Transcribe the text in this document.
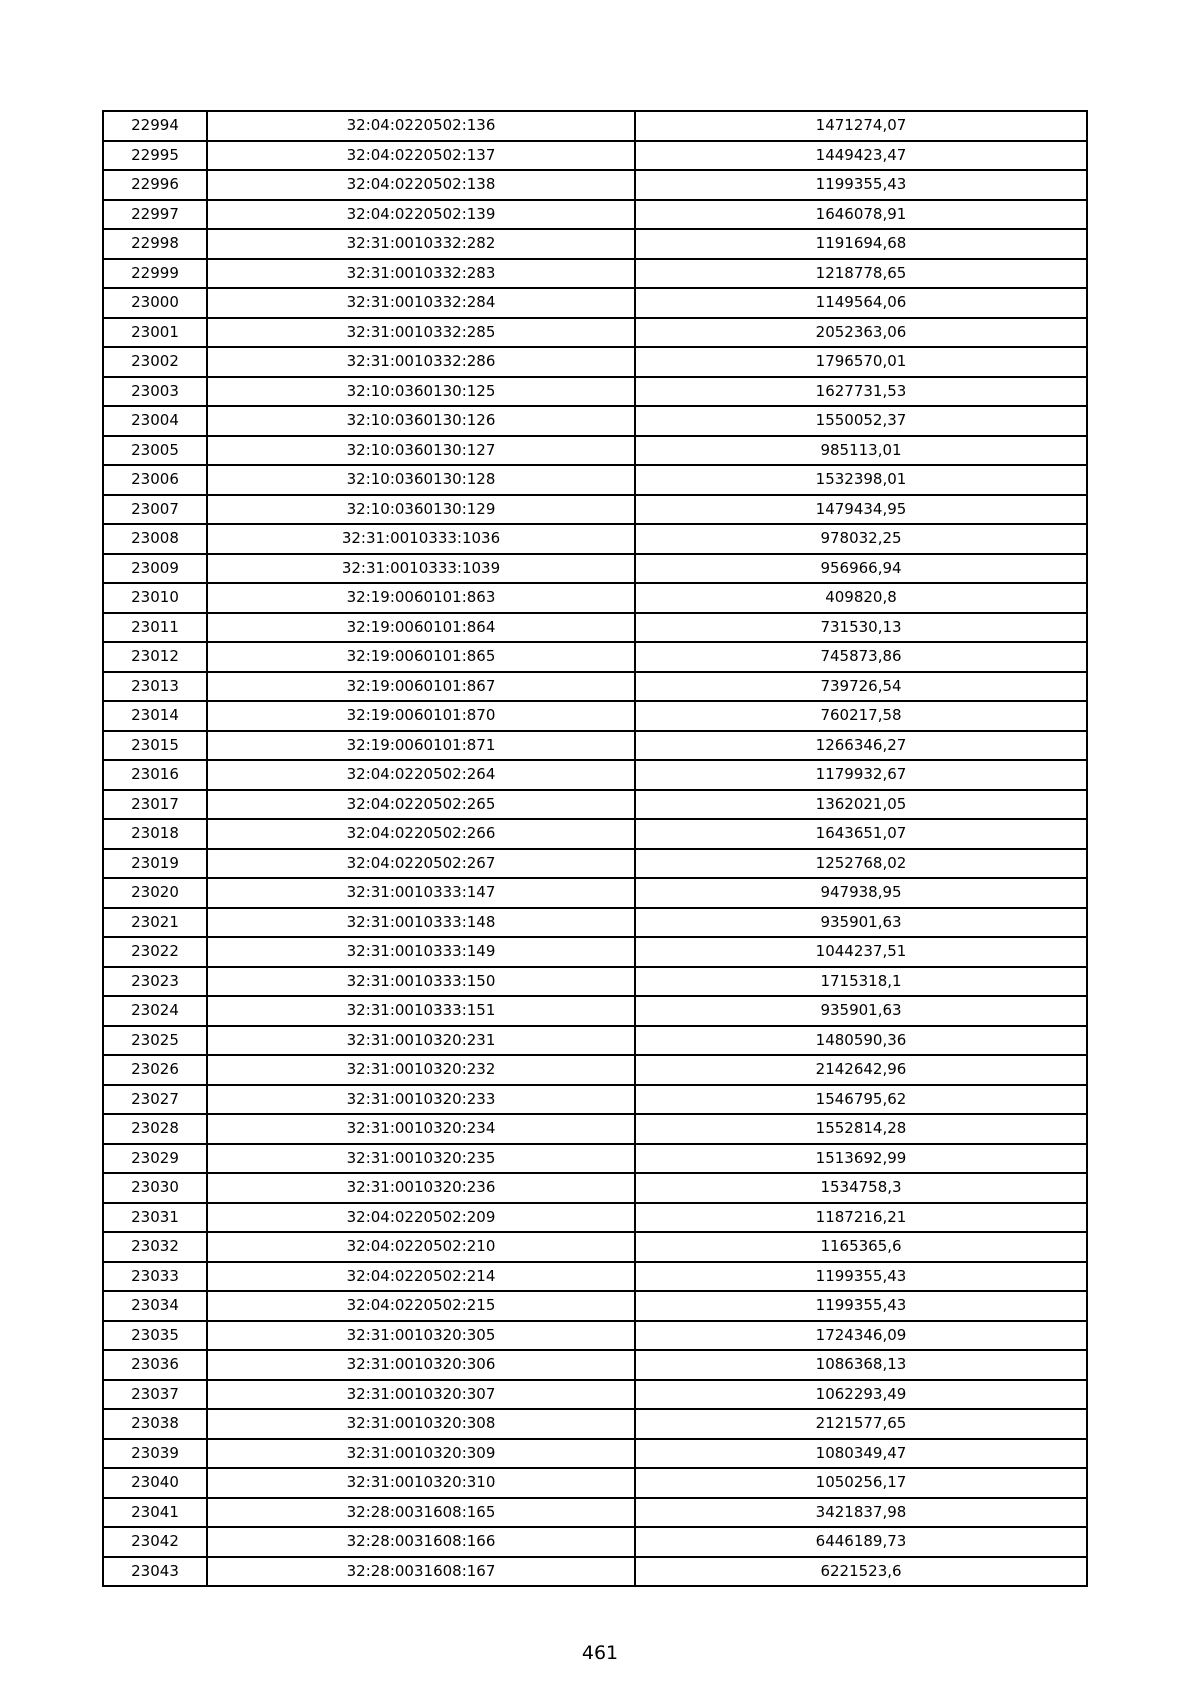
22994	32:04:0220502:136	1471274,07
22995	32:04:0220502:137	1449423,47
22996	32:04:0220502:138	1199355,43
22997	32:04:0220502:139	1646078,91
22998	32:31:0010332:282	1191694,68
22999	32:31:0010332:283	1218778,65
23000	32:31:0010332:284	1149564,06
23001	32:31:0010332:285	2052363,06
23002	32:31:0010332:286	1796570,01
23003	32:10:0360130:125	1627731,53
23004	32:10:0360130:126	1550052,37
23005	32:10:0360130:127	985113,01
23006	32:10:0360130:128	1532398,01
23007	32:10:0360130:129	1479434,95
23008	32:31:0010333:1036	978032,25
23009	32:31:0010333:1039	956966,94
23010	32:19:0060101:863	409820,8
23011	32:19:0060101:864	731530,13
23012	32:19:0060101:865	745873,86
23013	32:19:0060101:867	739726,54
23014	32:19:0060101:870	760217,58
23015	32:19:0060101:871	1266346,27
23016	32:04:0220502:264	1179932,67
23017	32:04:0220502:265	1362021,05
23018	32:04:0220502:266	1643651,07
23019	32:04:0220502:267	1252768,02
23020	32:31:0010333:147	947938,95
23021	32:31:0010333:148	935901,63
23022	32:31:0010333:149	1044237,51
23023	32:31:0010333:150	1715318,1
23024	32:31:0010333:151	935901,63
23025	32:31:0010320:231	1480590,36
23026	32:31:0010320:232	2142642,96
23027	32:31:0010320:233	1546795,62
23028	32:31:0010320:234	1552814,28
23029	32:31:0010320:235	1513692,99
23030	32:31:0010320:236	1534758,3
23031	32:04:0220502:209	1187216,21
23032	32:04:0220502:210	1165365,6
23033	32:04:0220502:214	1199355,43
23034	32:04:0220502:215	1199355,43
23035	32:31:0010320:305	1724346,09
23036	32:31:0010320:306	1086368,13
23037	32:31:0010320:307	1062293,49
23038	32:31:0010320:308	2121577,65
23039	32:31:0010320:309	1080349,47
23040	32:31:0010320:310	1050256,17
23041	32:28:0031608:165	3421837,98
23042	32:28:0031608:166	6446189,73
23043	32:28:0031608:167	6221523,6
461
